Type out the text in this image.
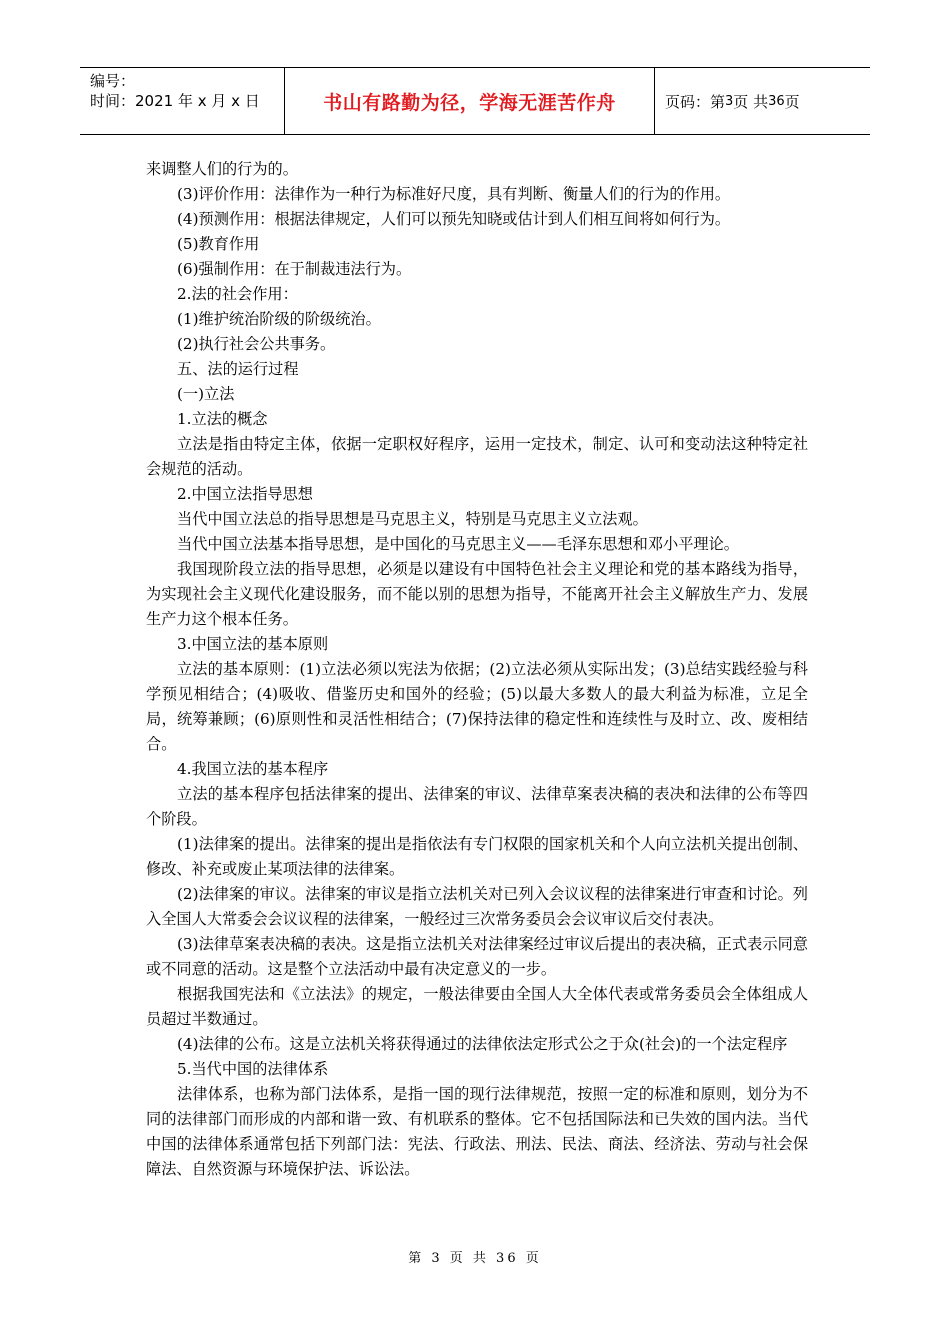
编号：
时间：2021 年 x 月 x 日	书山有路勤为径，学海无涯苦作舟	页码：第 3 页 共 36 页

来调整人们的行为的。

(3)评价作用：法律作为一种行为标准好尺度，具有判断、衡量人们的行为的作用。

(4)预测作用：根据法律规定，人们可以预先知晓或估计到人们相互间将如何行为。

(5)教育作用

(6)强制作用：在于制裁违法行为。

2.法的社会作用：

(1)维护统治阶级的阶级统治。

(2)执行社会公共事务。

五、法的运行过程

(一)立法

1.立法的概念

立法是指由特定主体，依据一定职权好程序，运用一定技术，制定、认可和变动法这种特定社会规范的活动。

2.中国立法指导思想

当代中国立法总的指导思想是马克思主义，特别是马克思主义立法观。

当代中国立法基本指导思想，是中国化的马克思主义——毛泽东思想和邓小平理论。

我国现阶段立法的指导思想，必须是以建设有中国特色社会主义理论和党的基本路线为指导，为实现社会主义现代化建设服务，而不能以别的思想为指导，不能离开社会主义解放生产力、发展生产力这个根本任务。

3.中国立法的基本原则

立法的基本原则：(1)立法必须以宪法为依据；(2)立法必须从实际出发；(3)总结实践经验与科学预见相结合；(4)吸收、借鉴历史和国外的经验；(5)以最大多数人的最大利益为标准，立足全局，统筹兼顾；(6)原则性和灵活性相结合；(7)保持法律的稳定性和连续性与及时立、改、废相结合。

4.我国立法的基本程序

立法的基本程序包括法律案的提出、法律案的审议、法律草案表决稿的表决和法律的公布等四个阶段。

(1)法律案的提出。法律案的提出是指依法有专门权限的国家机关和个人向立法机关提出创制、修改、补充或废止某项法律的法律案。

(2)法律案的审议。法律案的审议是指立法机关对已列入会议议程的法律案进行审查和讨论。列入全国人大常委会会议议程的法律案，一般经过三次常务委员会会议审议后交付表决。

(3)法律草案表决稿的表决。这是指立法机关对法律案经过审议后提出的表决稿，正式表示同意或不同意的活动。这是整个立法活动中最有决定意义的一步。

根据我国宪法和《立法法》的规定，一般法律要由全国人大全体代表或常务委员会全体组成人员超过半数通过。

(4)法律的公布。这是立法机关将获得通过的法律依法定形式公之于众(社会)的一个法定程序

5.当代中国的法律体系

法律体系，也称为部门法体系，是指一国的现行法律规范，按照一定的标准和原则，划分为不同的法律部门而形成的内部和谐一致、有机联系的整体。它不包括国际法和已失效的国内法。当代中国的法律体系通常包括下列部门法：宪法、行政法、刑法、民法、商法、经济法、劳动与社会保障法、自然资源与环境保护法、诉讼法。

第 3 页 共 36 页
